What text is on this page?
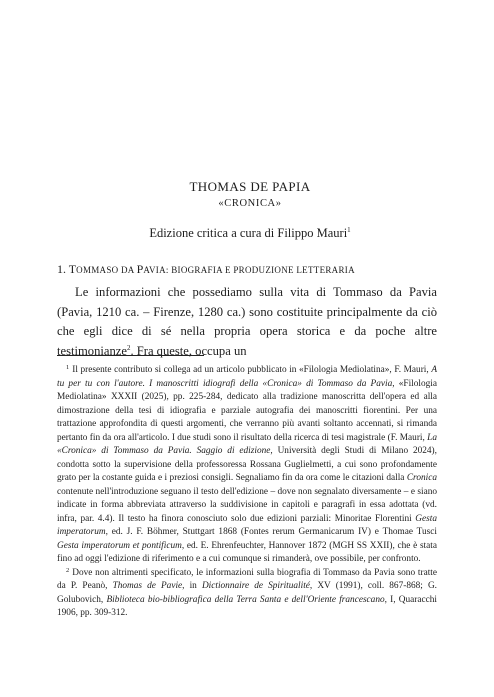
THOMAS DE PAPIA
«CRONICA»
Edizione critica a cura di Filippo Mauri$^1$
1. TOMMASO DA PAVIA: BIOGRAFIA E PRODUZIONE LETTERARIA

Le informazioni che possediamo sulla vita di Tommaso da Pavia (Pavia, 1210 ca. – Firenze, 1280 ca.) sono costituite principalmente da ciò che egli dice di sé nella propria opera storica e da poche altre testimonianze$^2$. Fra queste, occupa un

$^1$ Il presente contributo si collega ad un articolo pubblicato in «Filologia Mediolatina», F. Mauri, A tu per tu con l'autore. I manoscritti idiografi della «Cronica» di Tommaso da Pavia, «Filologia Mediolatina» XXXII (2025), pp. 225-284, dedicato alla tradizione manoscritta dell'opera ed alla dimostrazione della tesi di idiografia e parziale autografia dei manoscritti fiorentini. Per una trattazione approfondita di questi argomenti, che verranno più avanti soltanto accennati, si rimanda pertanto fin da ora all'articolo. I due studi sono il risultato della ricerca di tesi magistrale (F. Mauri, La «Cronica» di Tommaso da Pavia. Saggio di edizione, Università degli Studi di Milano 2024), condotta sotto la supervisione della professoressa Rossana Guglielmetti, a cui sono profondamente grato per la costante guida e i preziosi consigli. Segnaliamo fin da ora come le citazioni dalla Cronica contenute nell'introduzione seguano il testo dell'edizione – dove non segnalato diversamente – e siano indicate in forma abbreviata attraverso la suddivisione in capitoli e paragrafi in essa adottata (vd. infra, par. 4.4). Il testo ha finora conosciuto solo due edizioni parziali: Minoritae Florentini Gesta imperatorum, ed. J. F. Böhmer, Stuttgart 1868 (Fontes rerum Germanicarum IV) e Thomae Tusci Gesta imperatorum et pontificum, ed. E. Ehrenfeuchter, Hannover 1872 (MGH SS XXII), che è stata fino ad oggi l'edizione di riferimento e a cui comunque si rimanderà, ove possibile, per confronto.

$^2$ Dove non altrimenti specificato, le informazioni sulla biografia di Tommaso da Pavia sono tratte da P. Peanò, Thomas de Pavie, in Dictionnaire de Spiritualité, XV (1991), coll. 867-868; G. Golubovich, Biblioteca bio-bibliografica della Terra Santa e dell'Oriente francescano, I, Quaracchi 1906, pp. 309-312.
